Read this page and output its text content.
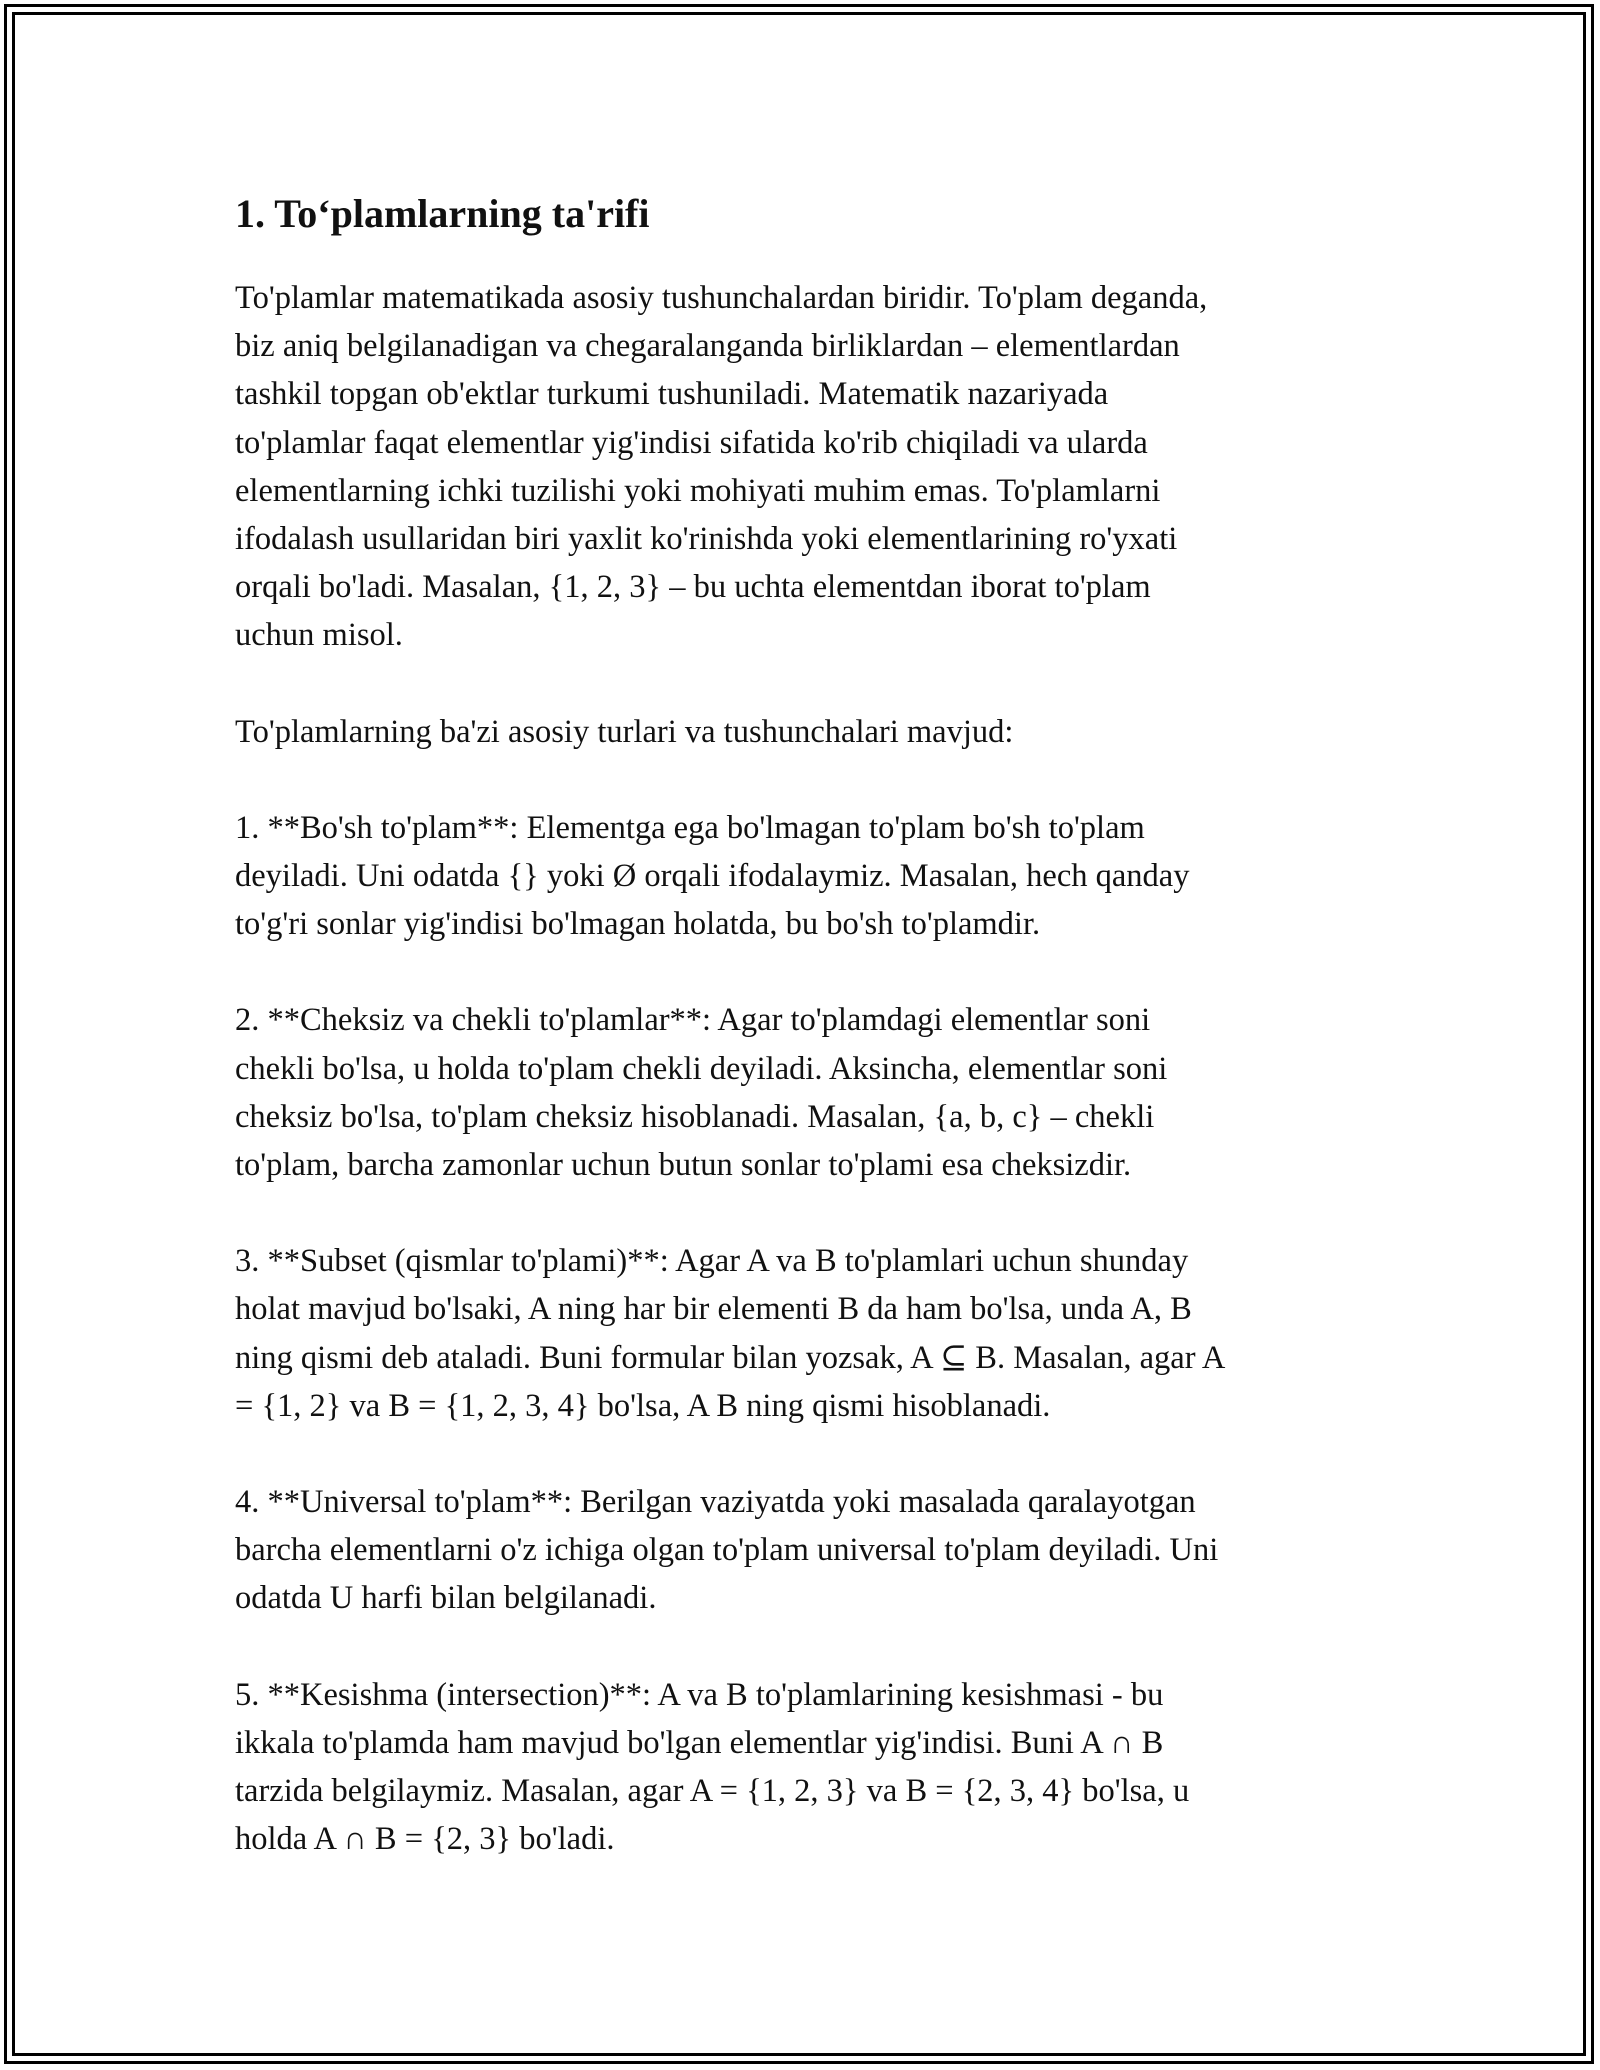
1. To‘plamlarning ta'rifi

To'plamlar matematikada asosiy tushunchalardan biridir. To'plam deganda,
biz aniq belgilanadigan va chegaralanganda birliklardan – elementlardan
tashkil topgan ob'ektlar turkumi tushuniladi. Matematik nazariyada
to'plamlar faqat elementlar yig'indisi sifatida ko'rib chiqiladi va ularda
elementlarning ichki tuzilishi yoki mohiyati muhim emas. To'plamlarni
ifodalash usullaridan biri yaxlit ko'rinishda yoki elementlarining ro'yxati
orqali bo'ladi. Masalan, {1, 2, 3} – bu uchta elementdan iborat to'plam
uchun misol.

To'plamlarning ba'zi asosiy turlari va tushunchalari mavjud:

1. **Bo'sh to'plam**: Elementga ega bo'lmagan to'plam bo'sh to'plam
deyiladi. Uni odatda {} yoki Ø orqali ifodalaymiz. Masalan, hech qanday
to'g'ri sonlar yig'indisi bo'lmagan holatda, bu bo'sh to'plamdir.

2. **Cheksiz va chekli to'plamlar**: Agar to'plamdagi elementlar soni
chekli bo'lsa, u holda to'plam chekli deyiladi. Aksincha, elementlar soni
cheksiz bo'lsa, to'plam cheksiz hisoblanadi. Masalan, {a, b, c} – chekli
to'plam, barcha zamonlar uchun butun sonlar to'plami esa cheksizdir.

3. **Subset (qismlar to'plami)**: Agar A va B to'plamlari uchun shunday
holat mavjud bo'lsaki, A ning har bir elementi B da ham bo'lsa, unda A, B
ning qismi deb ataladi. Buni formular bilan yozsak, A ⊆ B. Masalan, agar A
= {1, 2} va B = {1, 2, 3, 4} bo'lsa, A B ning qismi hisoblanadi.

4. **Universal to'plam**: Berilgan vaziyatda yoki masalada qaralayotgan
barcha elementlarni o'z ichiga olgan to'plam universal to'plam deyiladi. Uni
odatda U harfi bilan belgilanadi.

5. **Kesishma (intersection)**: A va B to'plamlarining kesishmasi - bu
ikkala to'plamda ham mavjud bo'lgan elementlar yig'indisi. Buni A ∩ B
tarzida belgilaymiz. Masalan, agar A = {1, 2, 3} va B = {2, 3, 4} bo'lsa, u
holda A ∩ B = {2, 3} bo'ladi.
